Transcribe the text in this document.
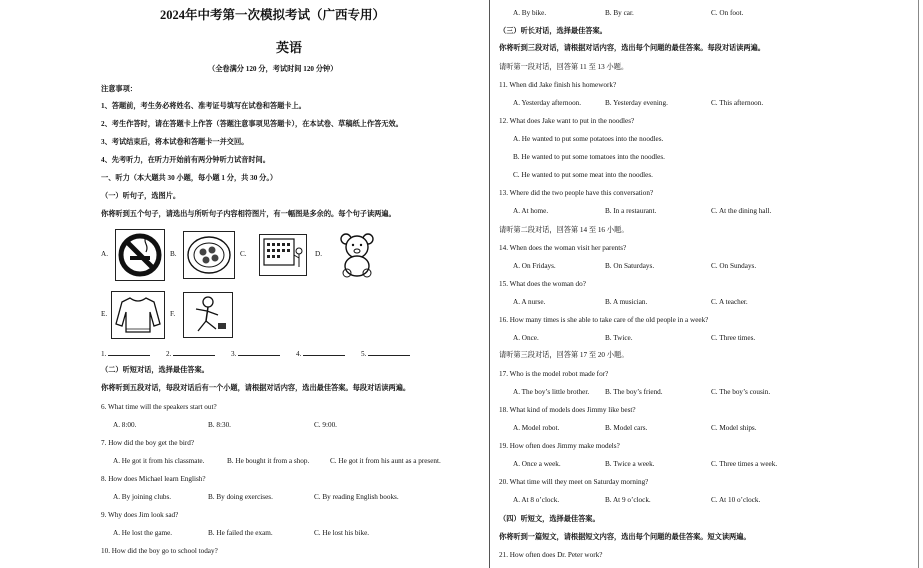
2024年中考第一次模拟考试（广西专用）
英语
（全卷满分 120 分，考试时间 120 分钟）
注意事项：
1、答题前，考生务必将姓名、准考证号填写在试卷和答题卡上。
2、考生作答时，请在答题卡上作答（答题注意事项见答题卡），在本试卷、草稿纸上作答无效。
3、考试结束后，将本试卷和答题卡一并交回。
4、先考听力，在听力开始前有两分钟听力试音时间。
一、听力（本大题共 30 小题，每小题 1 分，共 30 分。）
（一）听句子，选图片。
你将听到五个句子，请选出与所听句子内容相符图片，有一幅图是多余的。每个句子读两遍。
A.	B.	C.	D.
E.	F.
1.	2.	3.	4.	5.
（二）听短对话，选择最佳答案。
你将听到五段对话，每段对话后有一个小题，请根据对话内容，选出最佳答案。每段对话读两遍。
6. What time will the speakers start out?
A. 8:00.	B. 8:30.	C. 9:00.
7. How did the boy get the bird?
A. He got it from his classmate.	B. He bought it from a shop.	C. He got it from his aunt as a present.
8. How does Michael learn English?
A. By joining clubs.	B. By doing exercises.	C. By reading English books.
9. Why does Jim look sad?
A. He lost the game.	B. He failed the exam.	C. He lost his bike.
10. How did the boy go to school today?
A. By bike.	B. By car.	C. On foot.
（三）听长对话，选择最佳答案。
你将听到三段对话，请根据对话内容，选出每个问题的最佳答案。每段对话读两遍。
请听第一段对话，回答第 11 至 13 小题。
11. When did Jake finish his homework?
A. Yesterday afternoon.	B. Yesterday evening.	C. This afternoon.
12. What does Jake want to put in the noodles?
A. He wanted to put some potatoes into the noodles.
B. He wanted to put some tomatoes into the noodles.
C. He wanted to put some meat into the noodles.
13. Where did the two people have this conversation?
A. At home.	B. In a restaurant.	C. At the dining hall.
请听第二段对话，回答第 14 至 16 小题。
14. When does the woman visit her parents?
A. On Fridays.	B. On Saturdays.	C. On Sundays.
15. What does the woman do?
A. A nurse.	B. A musician.	C. A teacher.
16. How many times is she able to take care of the old people in a week?
A. Once.	B. Twice.	C. Three times.
请听第三段对话，回答第 17 至 20 小题。
17. Who is the model robot made for?
A. The boy’s little brother. B. The boy’s friend.	C. The boy’s cousin.
18. What kind of models does Jimmy like best?
A. Model robot.	B. Model cars.	C. Model ships.
19. How often does Jimmy make models?
A. Once a week.	B. Twice a week.	C. Three times a week.
20. What time will they meet on Saturday morning?
A. At 8 o’clock.	B. At 9 o’clock.	C. At 10 o’clock.
（四）听短文，选择最佳答案。
你将听到一篇短文，请根据短文内容，选出每个问题的最佳答案。短文读两遍。
21. How often does Dr. Peter work?
